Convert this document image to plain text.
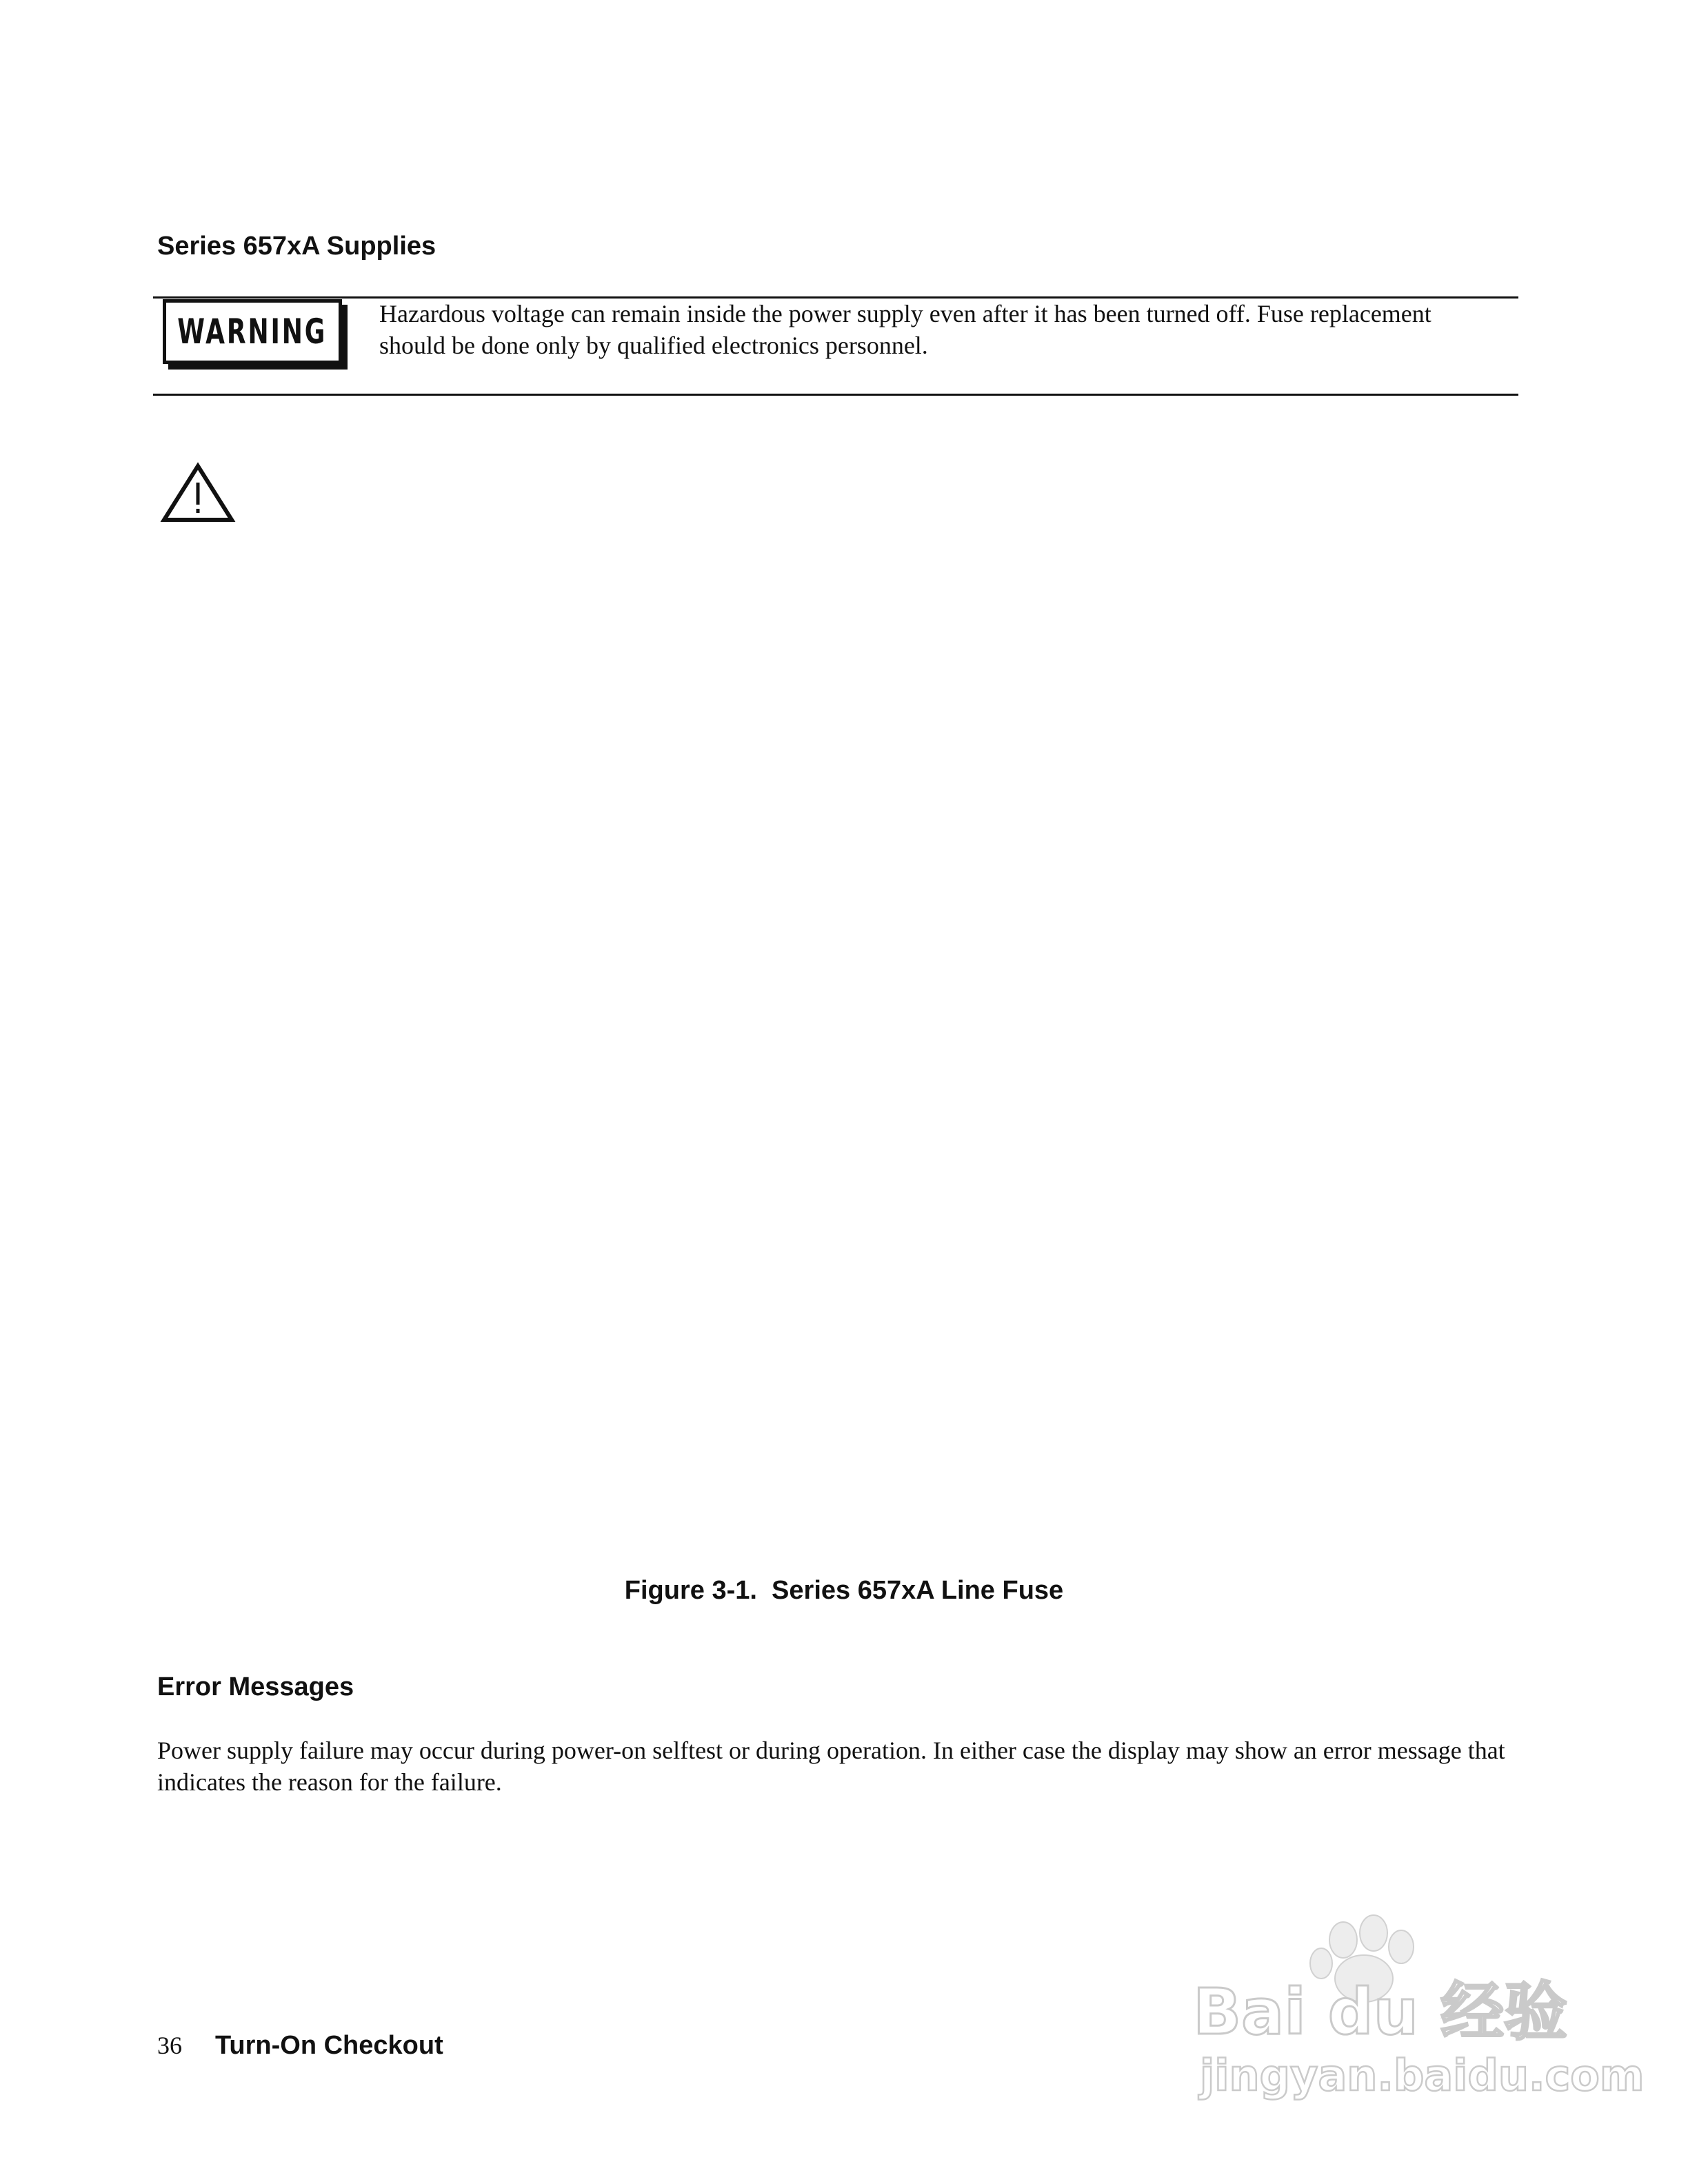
Series 657xA Supplies
WARNING Hazardous voltage can remain inside the power supply even after it has been turned off. Fuse replacement should be done only by qualified electronics personnel.

Figure 3-1.  Series 657xA Line Fuse

Error Messages

Power supply failure may occur during power-on selftest or during operation. In either case the display may show an error message that indicates the reason for the failure.

36 Turn-On Checkout	Bai du 经验
jingyan.baidu.com
